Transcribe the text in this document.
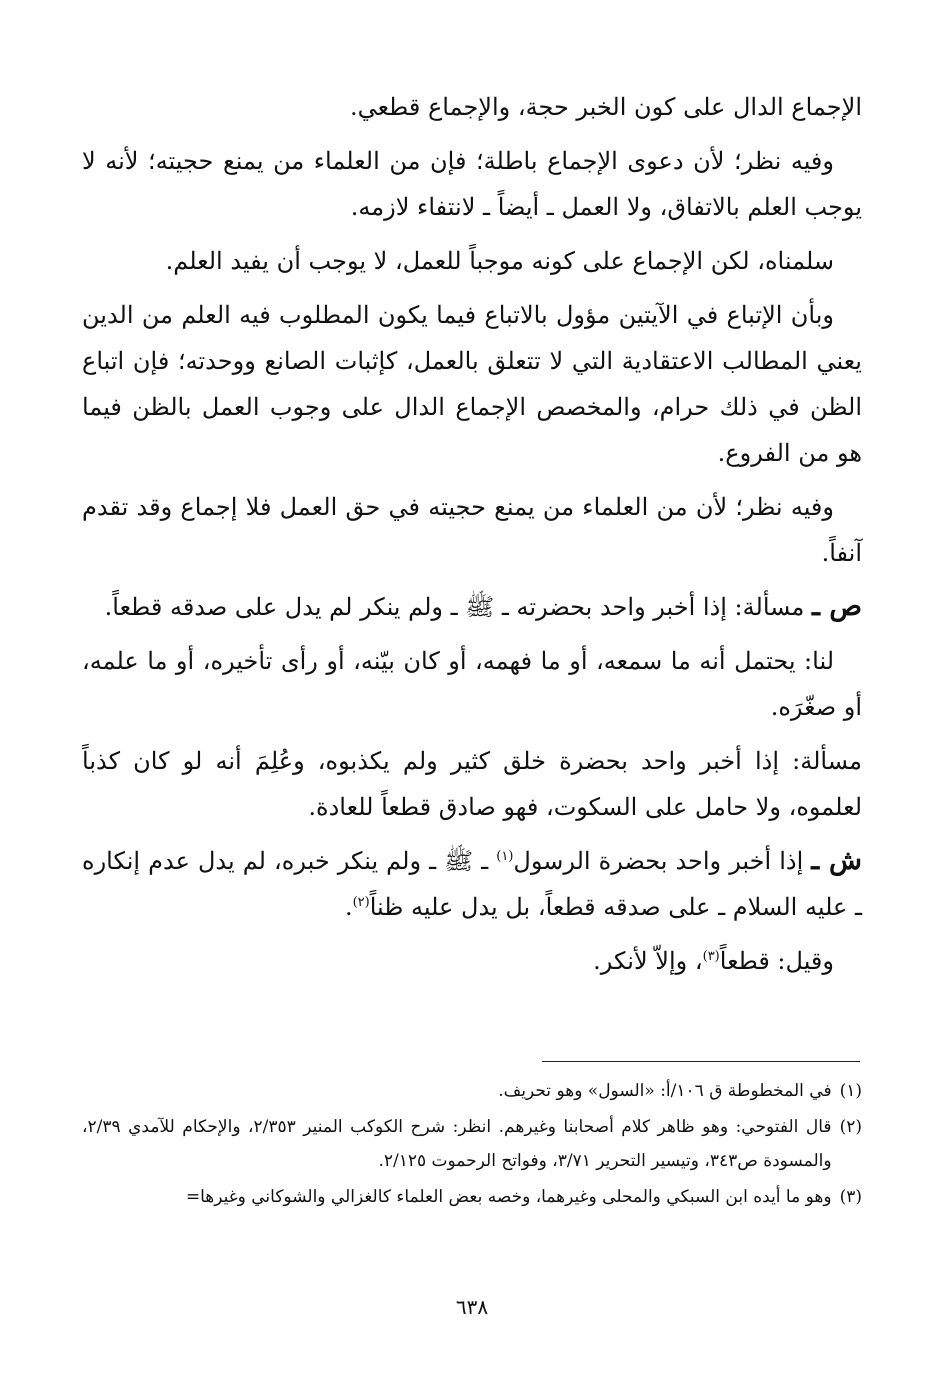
الإجماع الدال على كون الخبر حجة، والإجماع قطعي.

وفيه نظر؛ لأن دعوى الإجماع باطلة؛ فإن من العلماء من يمنع حجيته؛ لأنه لا يوجب العلم بالاتفاق، ولا العمل ـ أيضاً ـ لانتفاء لازمه.

سلمناه، لكن الإجماع على كونه موجباً للعمل، لا يوجب أن يفيد العلم.

وبأن الإتباع في الآيتين مؤول بالاتباع فيما يكون المطلوب فيه العلم من الدين يعني المطالب الاعتقادية التي لا تتعلق بالعمل، كإثبات الصانع ووحدته؛ فإن اتباع الظن في ذلك حرام، والمخصص الإجماع الدال على وجوب العمل بالظن فيما هو من الفروع.

وفيه نظر؛ لأن من العلماء من يمنع حجيته في حق العمل فلا إجماع وقد تقدم آنفاً.

ص ـ مسألة: إذا أخبر واحد بحضرته ـ ﷺ ـ ولم ينكر لم يدل على صدقه قطعاً.

لنا: يحتمل أنه ما سمعه، أو ما فهمه، أو كان بيّنه، أو رأى تأخيره، أو ما علمه، أو صغّرَه.

مسألة: إذا أخبر واحد بحضرة خلق كثير ولم يكذبوه، وعُلِمَ أنه لو كان كذباً لعلموه، ولا حامل على السكوت، فهو صادق قطعاً للعادة.

ش ـ إذا أخبر واحد بحضرة الرسول$^{(١)}$ ـ ﷺ ـ ولم ينكر خبره، لم يدل عدم إنكاره ـ عليه السلام ـ على صدقه قطعاً، بل يدل عليه ظناً$^{(٢)}$.

وقيل: قطعاً$^{(٣)}$، وإلاّ لأنكر.

(١)
في المخطوطة ق ١٠٦/أ: «السول» وهو تحريف.
(٢)
قال الفتوحي: وهو ظاهر كلام أصحابنا وغيرهم. انظر: شرح الكوكب المنير ٢/٣٥٣، والإحكام للآمدي ٢/٣٩، والمسودة ص٣٤٣، وتيسير التحرير ٣/٧١، وفواتح الرحموت ٢/١٢٥.
(٣)
وهو ما أيده ابن السبكي والمحلى وغيرهما، وخصه بعض العلماء كالغزالي والشوكاني وغيرها=
٦٣٨
